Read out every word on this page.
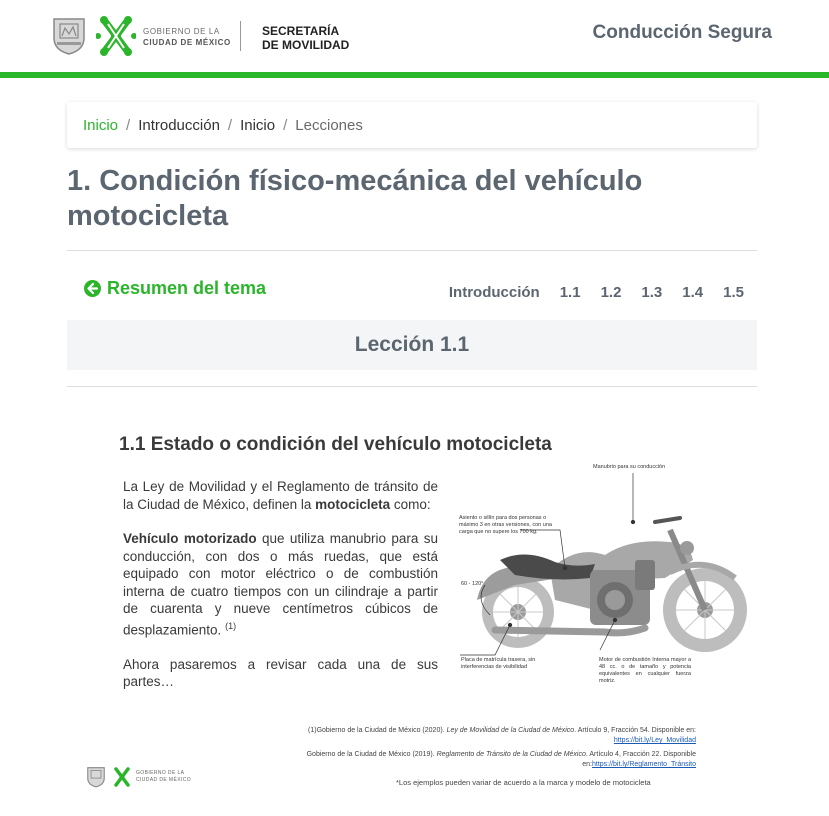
GOBIERNO DE LA
CIUDAD DE MÉXICO
SECRETARÍA
DE MOVILIDAD
Conducción Segura
Inicio / Introducción / Inicio / Lecciones
1. Condición físico-mecánica del vehículo motocicleta
Resumen del tema	Introducción 1.1 1.2 1.3 1.4 1.5
Lección 1.1
1.1 Estado o condición del vehículo motocicleta

La Ley de Movilidad y el Reglamento de tránsito de la Ciudad de México, definen la motocicleta como:

Vehículo motorizado que utiliza manubrio para su conducción, con dos o más ruedas, que está equipado con motor eléctrico o de combustión interna de cuatro tiempos con un cilindraje a partir de cuarenta y nueve centímetros cúbicos de desplazamiento. $^{(1)}$

Ahora pasaremos a revisar cada una de sus partes…

Manubrio para su conducción
Asiento o sillín para dos personas o máximo 3 en otras versiones, con una carga que no supere los 700 kg.
60 - 120°
Placa de matrícula trasera, sin interferencias de visibilidad
Motor de combustión Interna mayor a 48 cc. o de tamaño y potencia equivalentes en cualquier fuerza motriz.
(1)Gobierno de la Ciudad de México (2020). Ley de Movilidad de la Ciudad de México. Artículo 9, Fracción 54. Disponible en:
https://bit.ly/Ley_Movilidad
Gobierno de la Ciudad de México (2019). Reglamento de Tránsito de la Ciudad de México. Artículo 4, Fracción 22. Disponible
en:https://bit.ly/Reglamento_Tránsito
*Los ejemplos pueden variar de acuerdo a la marca y modelo de motocicleta
GOBIERNO DE LA
CIUDAD DE MÉXICO
